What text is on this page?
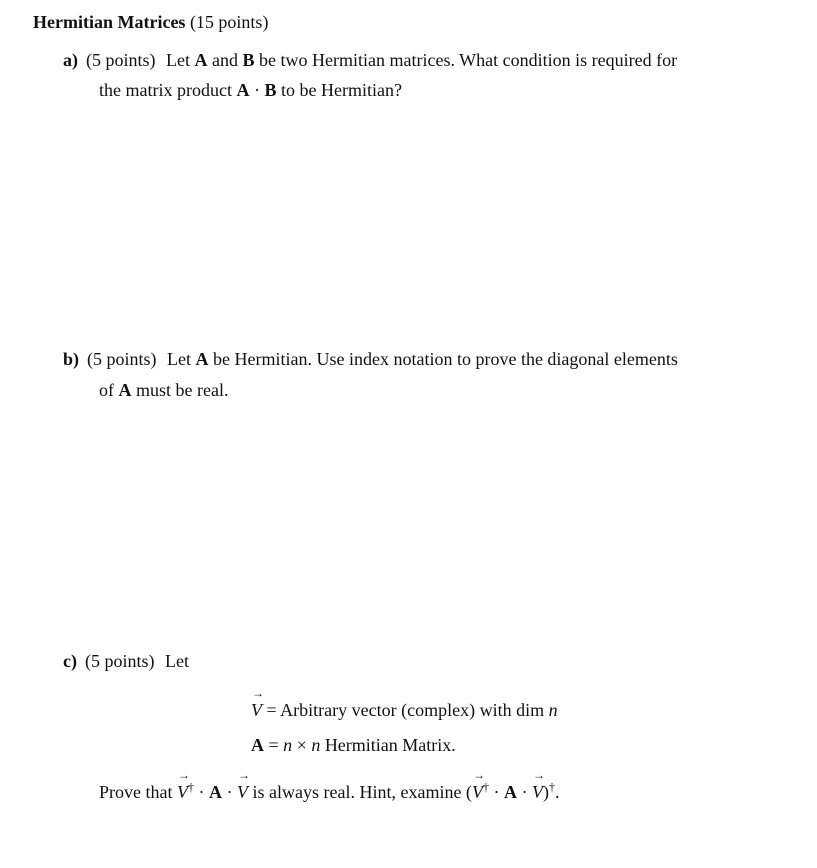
Hermitian Matrices (15 points)
a) (5 points) Let A and B be two Hermitian matrices. What condition is required for
the matrix product A · B to be Hermitian?
b) (5 points) Let A be Hermitian. Use index notation to prove the diagonal elements
of A must be real.
c) (5 points) Let
→ V = Arbitrary vector (complex) with dim n
A = n × n Hermitian Matrix.
Prove that → V† · A · → V is always real. Hint, examine (→ V† · A · → V)†.
